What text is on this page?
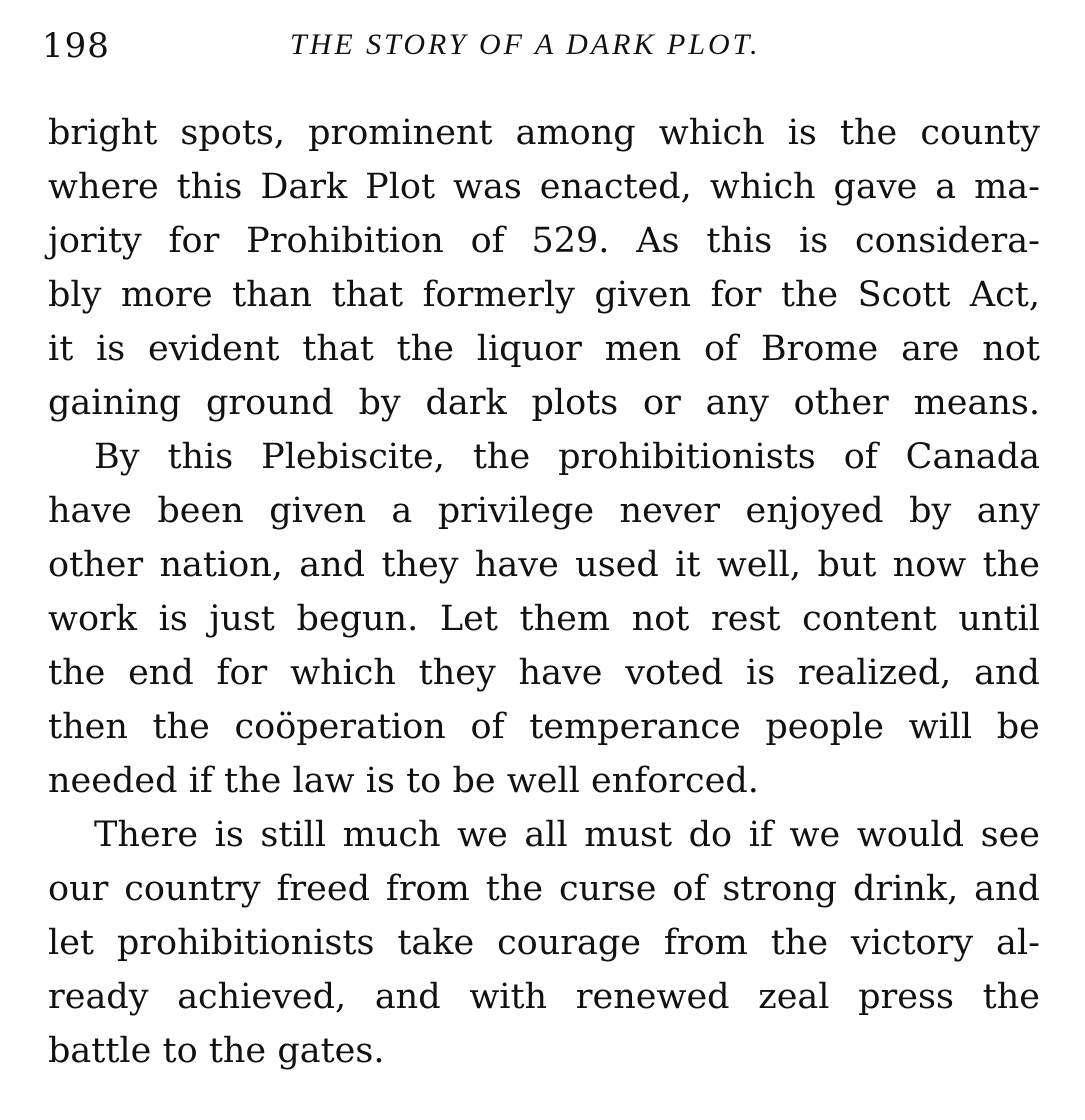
198	THE STORY OF A DARK PLOT.
bright spots, prominent among which is the county
where this Dark Plot was enacted, which gave a ma-
jority for Prohibition of 529. As this is considera-
bly more than that formerly given for the Scott Act,
it is evident that the liquor men of Brome are not
gaining ground by dark plots or any other means.
By this Plebiscite, the prohibitionists of Canada
have been given a privilege never enjoyed by any
other nation, and they have used it well, but now the
work is just begun. Let them not rest content until
the end for which they have voted is realized, and
then the coöperation of temperance people will be
needed if the law is to be well enforced.
There is still much we all must do if we would see
our country freed from the curse of strong drink, and
let prohibitionists take courage from the victory al-
ready achieved, and with renewed zeal press the
battle to the gates.
